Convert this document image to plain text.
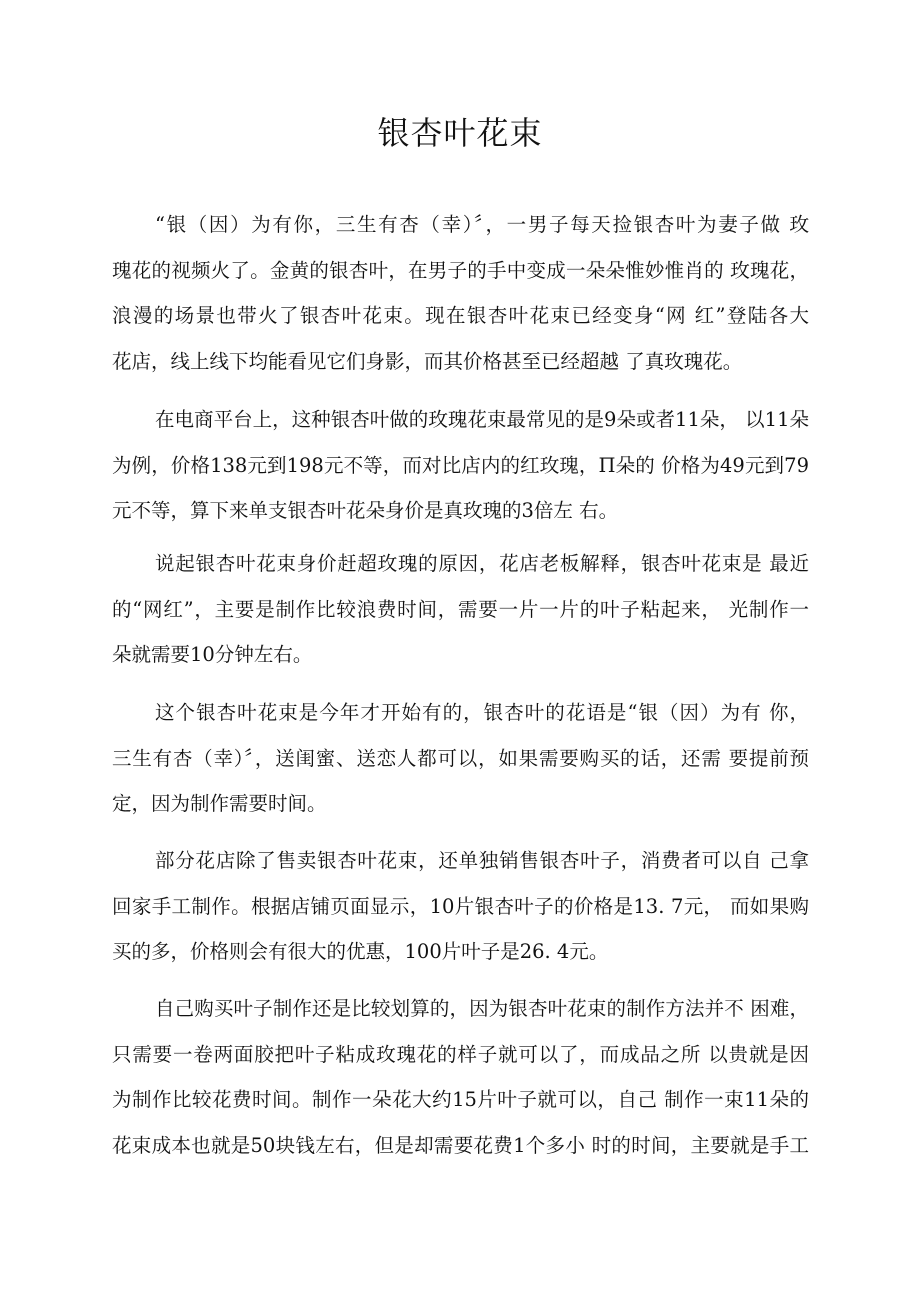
银杏叶花束
“银（因）为有你，三生有杏（幸）〞，一男子每天捡银杏叶为妻子做 玫
瑰花的视频火了。金黄的银杏叶，在男子的手中变成一朵朵惟妙惟肖的 玫瑰花，
浪漫的场景也带火了银杏叶花束。现在银杏叶花束已经变身“网 红”登陆各大
花店，线上线下均能看见它们身影，而其价格甚至已经超越 了真玫瑰花。
在电商平台上，这种银杏叶做的玫瑰花束最常见的是9朵或者11朵， 以11朵
为例，价格138元到198元不等，而对比店内的红玫瑰，Π朵的 价格为49元到79
元不等，算下来单支银杏叶花朵身价是真玫瑰的3倍左 右。
说起银杏叶花束身价赶超玫瑰的原因，花店老板解释，银杏叶花束是 最近
的“网红”，主要是制作比较浪费时间，需要一片一片的叶子粘起来， 光制作一
朵就需要10分钟左右。
这个银杏叶花束是今年才开始有的，银杏叶的花语是“银（因）为有 你，
三生有杏（幸）〞，送闺蜜、送恋人都可以，如果需要购买的话，还需 要提前预
定，因为制作需要时间。
部分花店除了售卖银杏叶花束，还单独销售银杏叶子，消费者可以自 己拿
回家手工制作。根据店铺页面显示，10片银杏叶子的价格是13. 7元， 而如果购
买的多，价格则会有很大的优惠，100片叶子是26. 4元。
自己购买叶子制作还是比较划算的，因为银杏叶花束的制作方法并不 困难，
只需要一卷两面胶把叶子粘成玫瑰花的样子就可以了，而成品之所 以贵就是因
为制作比较花费时间。制作一朵花大约15片叶子就可以，自己 制作一束11朵的
花束成本也就是50块钱左右，但是却需要花费1个多小 时的时间，主要就是手工
